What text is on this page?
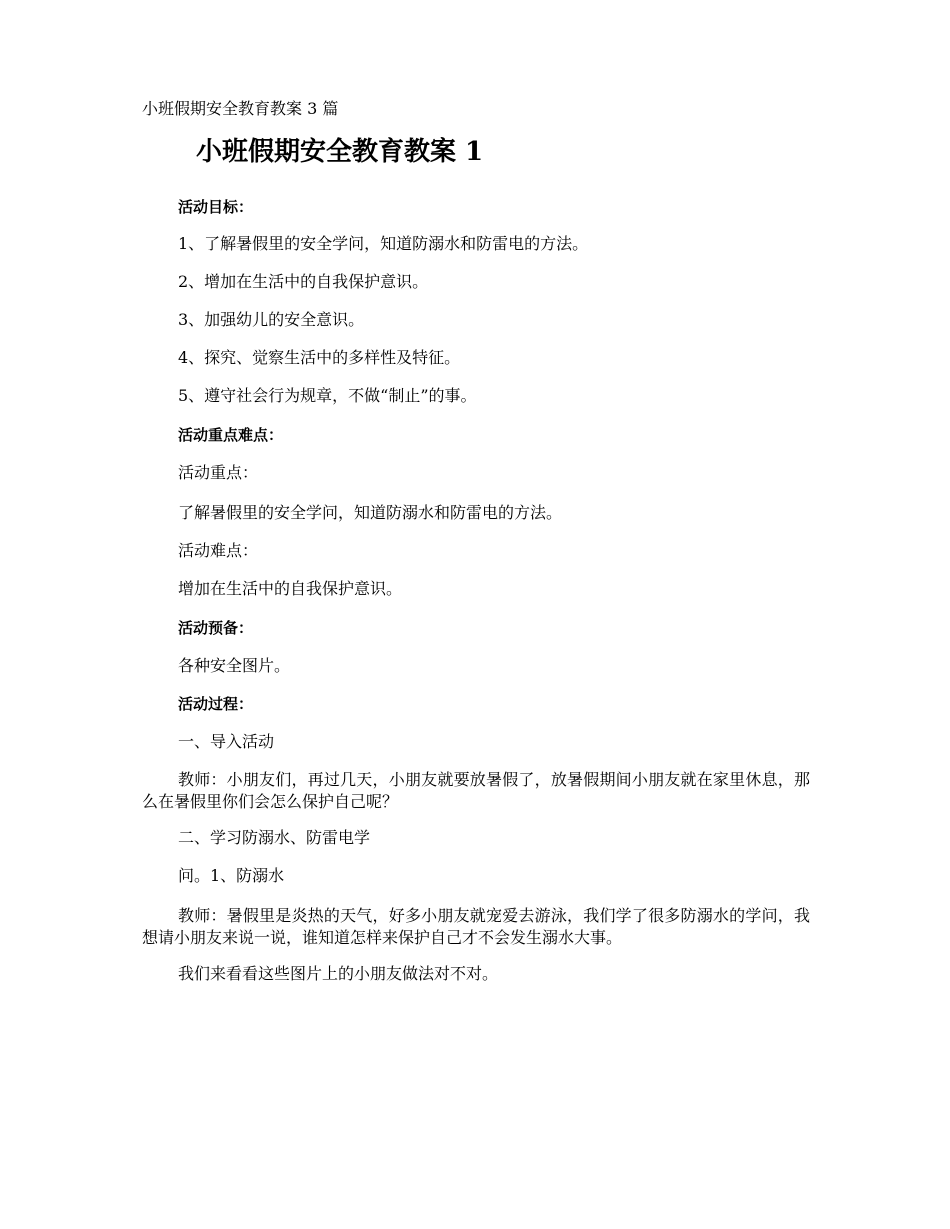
小班假期安全教育教案 3 篇
小班假期安全教育教案 1
活动目标：
1、了解暑假里的安全学问，知道防溺水和防雷电的方法。
2、增加在生活中的自我保护意识。
3、加强幼儿的安全意识。
4、探究、觉察生活中的多样性及特征。
5、遵守社会行为规章，不做“制止”的事。
活动重点难点：
活动重点：
了解暑假里的安全学问，知道防溺水和防雷电的方法。
活动难点：
增加在生活中的自我保护意识。
活动预备：
各种安全图片。
活动过程：
一、导入活动
教师：小朋友们，再过几天，小朋友就要放暑假了，放暑假期间小朋友就在家里休息，那么在暑假里你们会怎么保护自己呢？
二、学习防溺水、防雷电学
问。1、防溺水
教师：暑假里是炎热的天气，好多小朋友就宠爱去游泳，我们学了很多防溺水的学问，我想请小朋友来说一说，谁知道怎样来保护自己才不会发生溺水大事。
我们来看看这些图片上的小朋友做法对不对。
